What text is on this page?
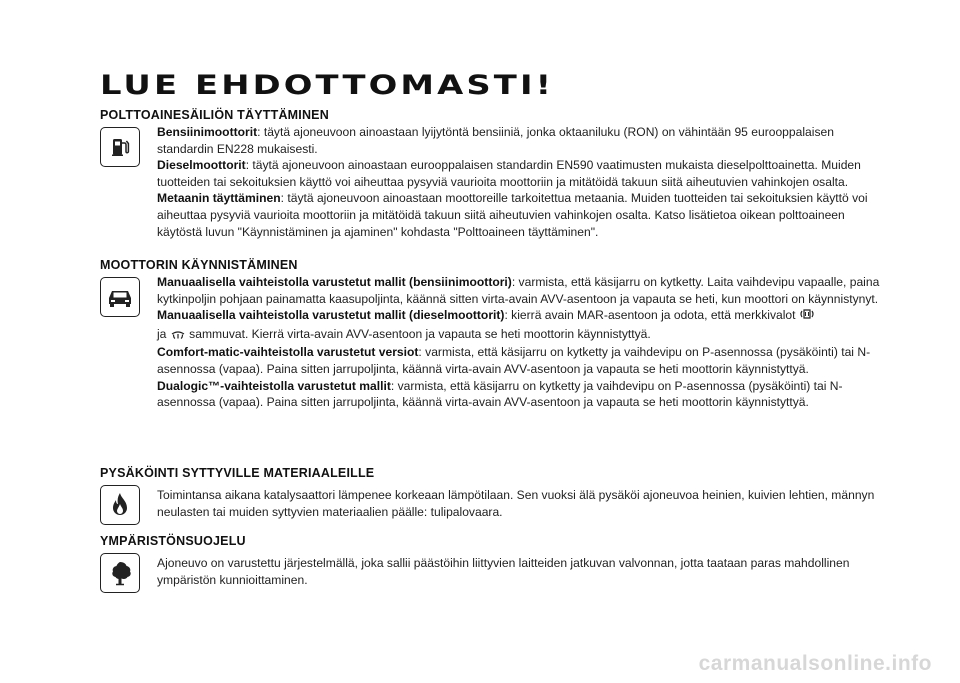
LUE EHDOTTOMASTI!
POLTTOAINESÄILIÖN TÄYTTÄMINEN

Bensiinimoottorit: täytä ajoneuvoon ainoastaan lyijytöntä bensiiniä, jonka oktaaniluku (RON) on vähintään 95 eurooppalaisen standardin EN228 mukaisesti.

Dieselmoottorit: täytä ajoneuvoon ainoastaan eurooppalaisen standardin EN590 vaatimusten mukaista dieselpolttoainetta. Muiden tuotteiden tai sekoituksien käyttö voi aiheuttaa pysyviä vaurioita moottoriin ja mitätöidä takuun siitä aiheutuvien vahinkojen osalta.

Metaanin täyttäminen: täytä ajoneuvoon ainoastaan moottoreille tarkoitettua metaania. Muiden tuotteiden tai sekoituksien käyttö voi aiheuttaa pysyviä vaurioita moottoriin ja mitätöidä takuun siitä aiheutuvien vahinkojen osalta. Katso lisätietoa oikean polttoaineen käytöstä luvun "Käynnistäminen ja ajaminen" kohdasta "Polttoaineen täyttäminen".

MOOTTORIN KÄYNNISTÄMINEN

Manuaalisella vaihteistolla varustetut mallit (bensiinimoottori): varmista, että käsijarru on kytketty. Laita vaihdevipu vapaalle, paina kytkinpoljin pohjaan painamatta kaasupoljinta, käännä sitten virta-avain AVV-asentoon ja vapauta se heti, kun moottori on käynnistynyt.

Manuaalisella vaihteistolla varustetut mallit (dieselmoottorit): kierrä avain MAR-asentoon ja odota, että merkkivalot
ja sammuvat. Kierrä virta-avain AVV-asentoon ja vapauta se heti moottorin käynnistyttyä.

Comfort-matic-vaihteistolla varustetut versiot: varmista, että käsijarru on kytketty ja vaihdevipu on P-asennossa (pysäköinti) tai N-asennossa (vapaa). Paina sitten jarrupoljinta, käännä virta-avain AVV-asentoon ja vapauta se heti moottorin käynnistyttyä.

Dualogic™-vaihteistolla varustetut mallit: varmista, että käsijarru on kytketty ja vaihdevipu on P-asennossa (pysäköinti) tai N-asennossa (vapaa). Paina sitten jarrupoljinta, käännä virta-avain AVV-asentoon ja vapauta se heti moottorin käynnistyttyä.

PYSÄKÖINTI SYTTYVILLE MATERIAALEILLE

Toimintansa aikana katalysaattori lämpenee korkeaan lämpötilaan. Sen vuoksi älä pysäköi ajoneuvoa heinien, kuivien lehtien, männyn neulasten tai muiden syttyvien materiaalien päälle: tulipalovaara.

YMPÄRISTÖNSUOJELU

Ajoneuvo on varustettu järjestelmällä, joka sallii päästöihin liittyvien laitteiden jatkuvan valvonnan, jotta taataan paras mahdollinen ympäristön kunnioittaminen.

carmanualsonline.info
